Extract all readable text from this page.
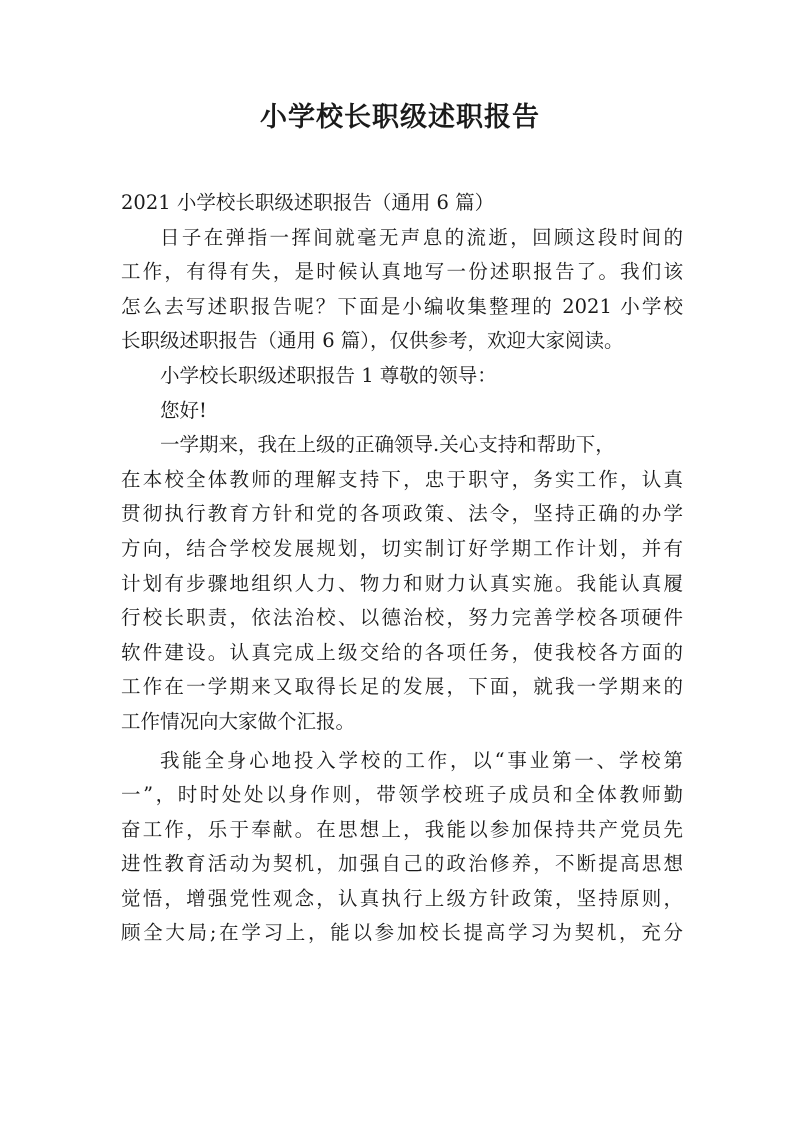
小学校长职级述职报告
2021 小学校长职级述职报告（通用 6 篇）
日子在弹指一挥间就毫无声息的流逝，回顾这段时间的
工作，有得有失，是时候认真地写一份述职报告了。我们该
怎么去写述职报告呢？下面是小编收集整理的 2021 小学校
长职级述职报告（通用 6 篇），仅供参考，欢迎大家阅读。
小学校长职级述职报告 1 尊敬的领导：
您好!
一学期来，我在上级的正确领导.关心支持和帮助下，
在本校全体教师的理解支持下，忠于职守，务实工作，认真
贯彻执行教育方针和党的各项政策、法令，坚持正确的办学
方向，结合学校发展规划，切实制订好学期工作计划，并有
计划有步骤地组织人力、物力和财力认真实施。我能认真履
行校长职责，依法治校、以德治校，努力完善学校各项硬件
软件建设。认真完成上级交给的各项任务，使我校各方面的
工作在一学期来又取得长足的发展，下面，就我一学期来的
工作情况向大家做个汇报。
我能全身心地投入学校的工作，以“事业第一、学校第
一”，时时处处以身作则，带领学校班子成员和全体教师勤
奋工作，乐于奉献。在思想上，我能以参加保持共产党员先
进性教育活动为契机，加强自己的政治修养，不断提高思想
觉悟，增强党性观念，认真执行上级方针政策，坚持原则，
顾全大局;在学习上，能以参加校长提高学习为契机，充分
